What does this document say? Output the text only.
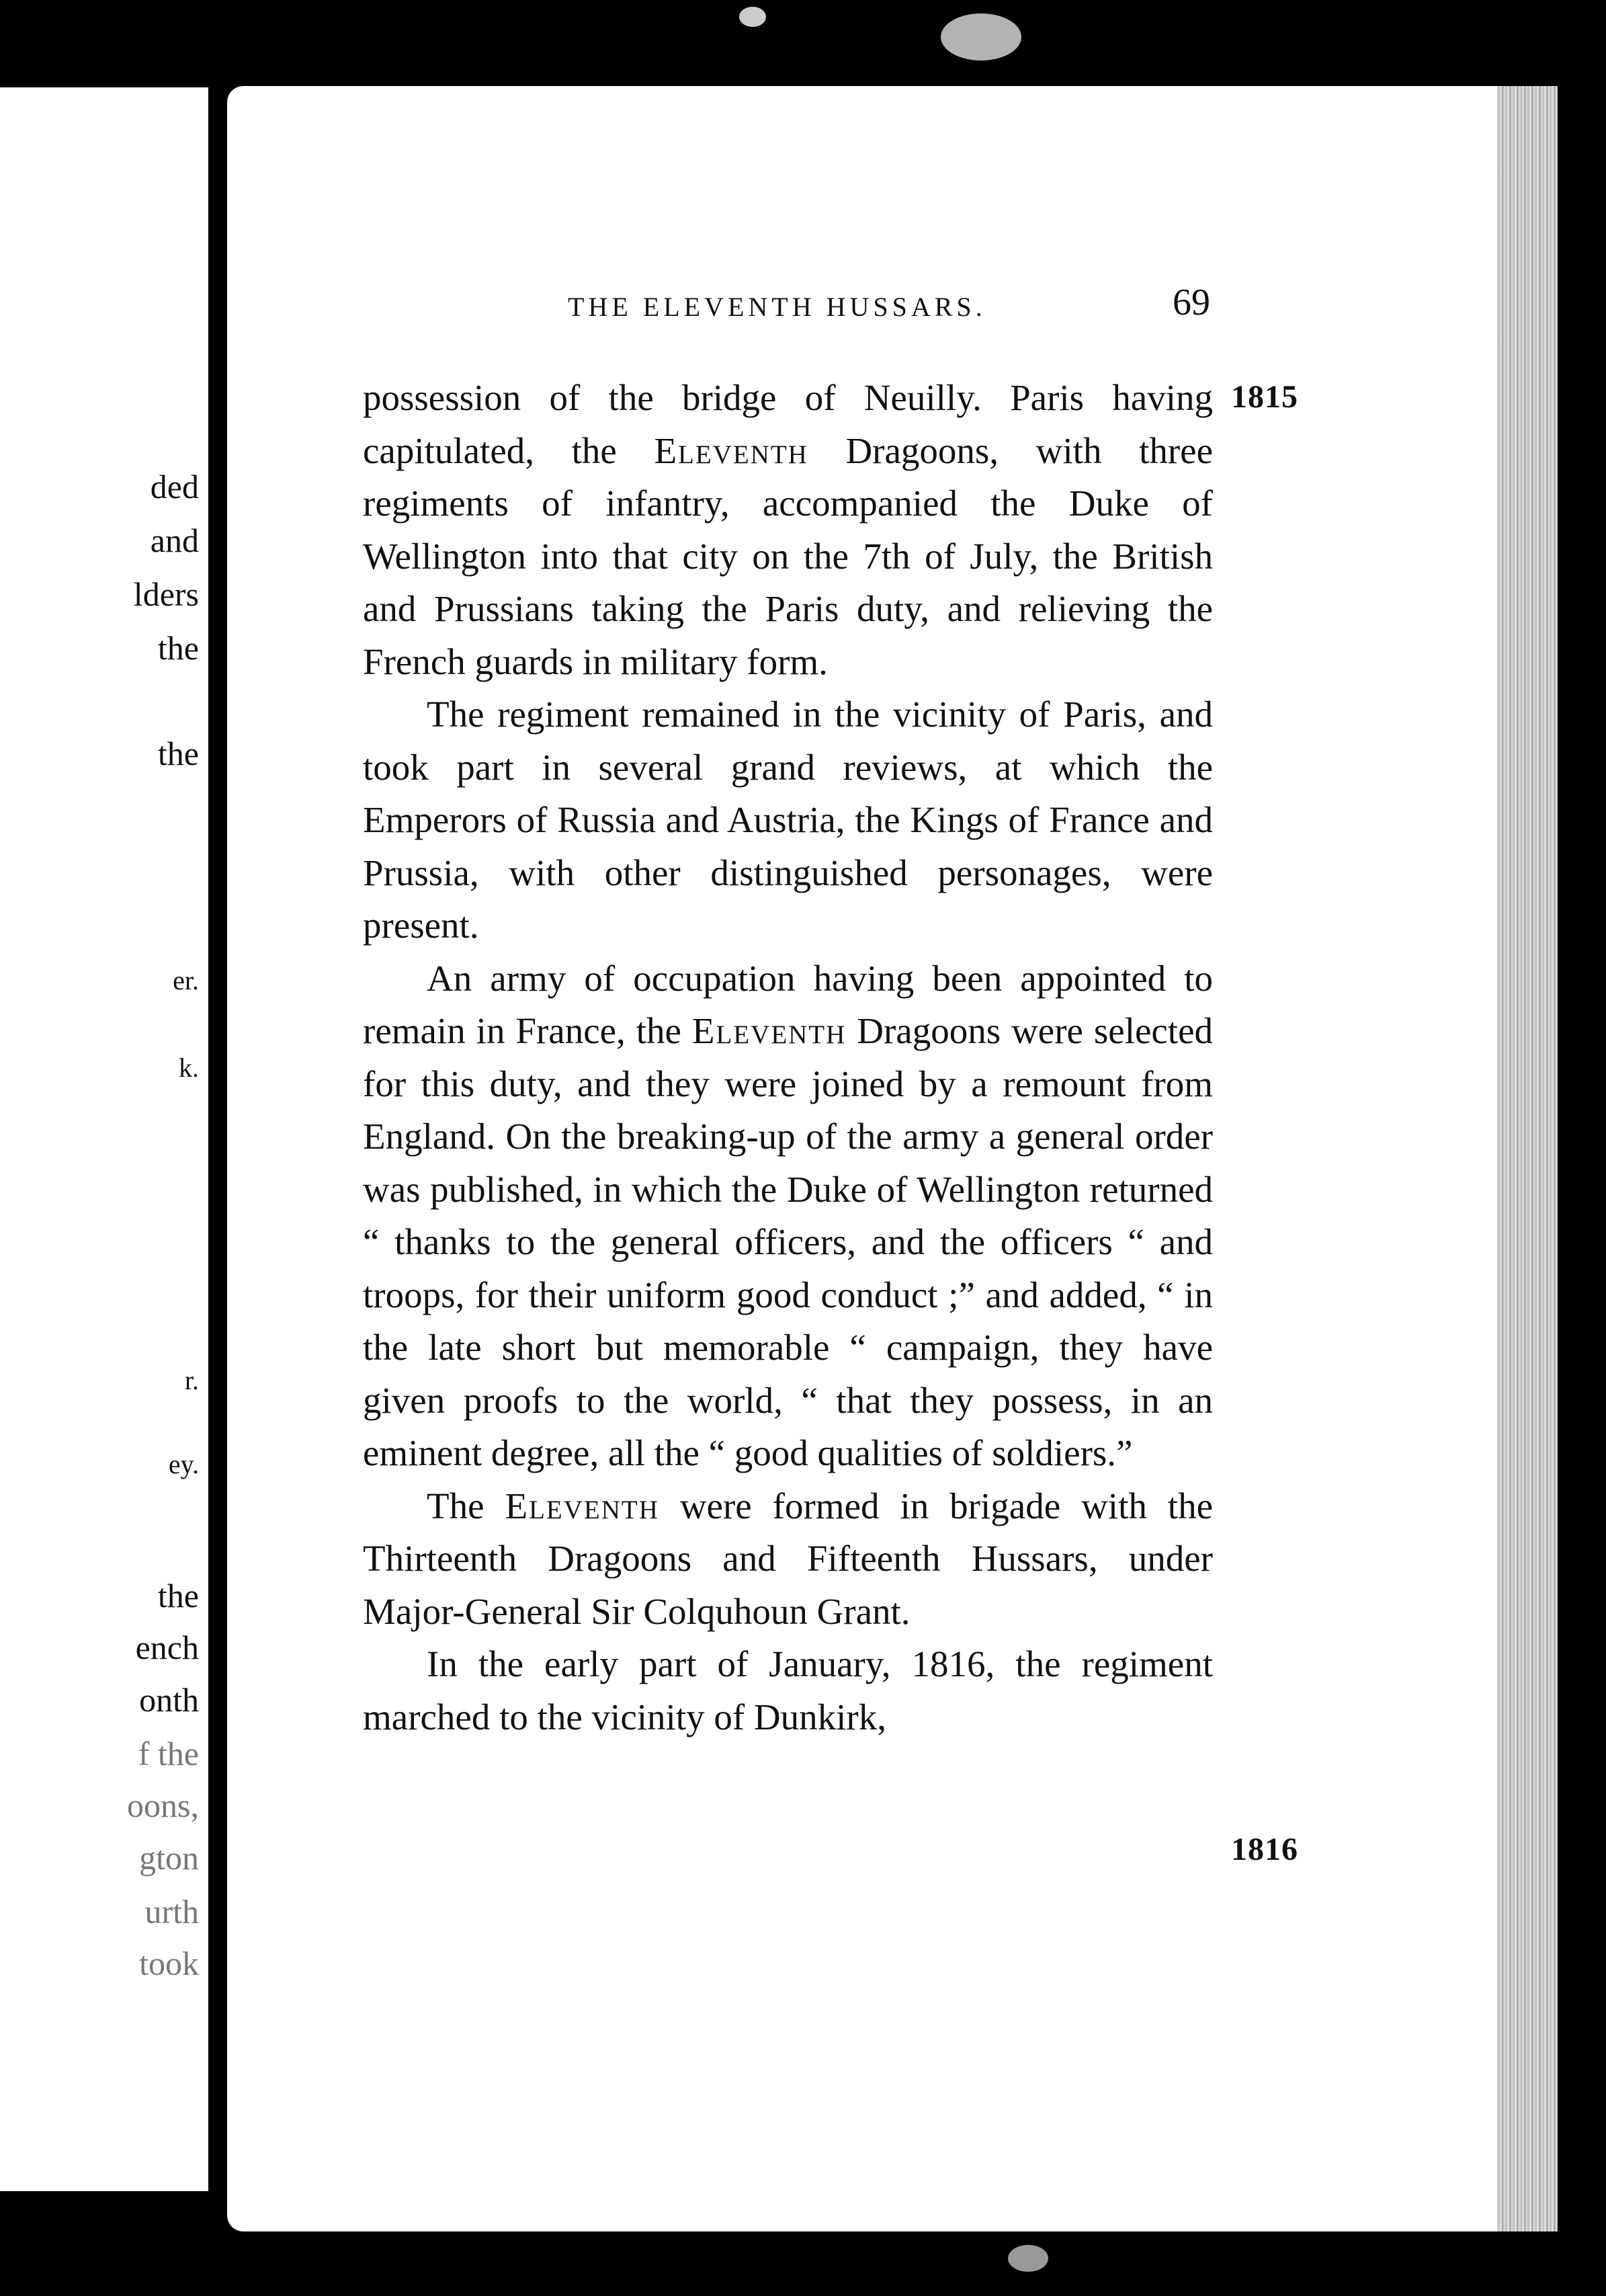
ded
and
lders
the
the
er.
k.
r.
ey.
the
ench
onth
f the
oons,
gton
urth
took
THE ELEVENTH HUSSARS.	69
1815
1816

possession of the bridge of Neuilly. Paris having capitulated, the Eleventh Dragoons, with three regiments of infantry, accompanied the Duke of Wellington into that city on the 7th of July, the British and Prussians taking the Paris duty, and relieving the French guards in military form.

The regiment remained in the vicinity of Paris, and took part in several grand reviews, at which the Emperors of Russia and Austria, the Kings of France and Prussia, with other distinguished personages, were present.

An army of occupation having been appointed to remain in France, the Eleventh Dragoons were selected for this duty, and they were joined by a remount from England. On the breaking-up of the army a general order was published, in which the Duke of Wellington returned “ thanks to the general officers, and the officers “ and troops, for their uniform good conduct ;” and added, “ in the late short but memorable “ campaign, they have given proofs to the world, “ that they possess, in an eminent degree, all the “ good qualities of soldiers.”

The Eleventh were formed in brigade with the Thirteenth Dragoons and Fifteenth Hussars, under Major-General Sir Colquhoun Grant.

In the early part of January, 1816, the regiment marched to the vicinity of Dunkirk,
